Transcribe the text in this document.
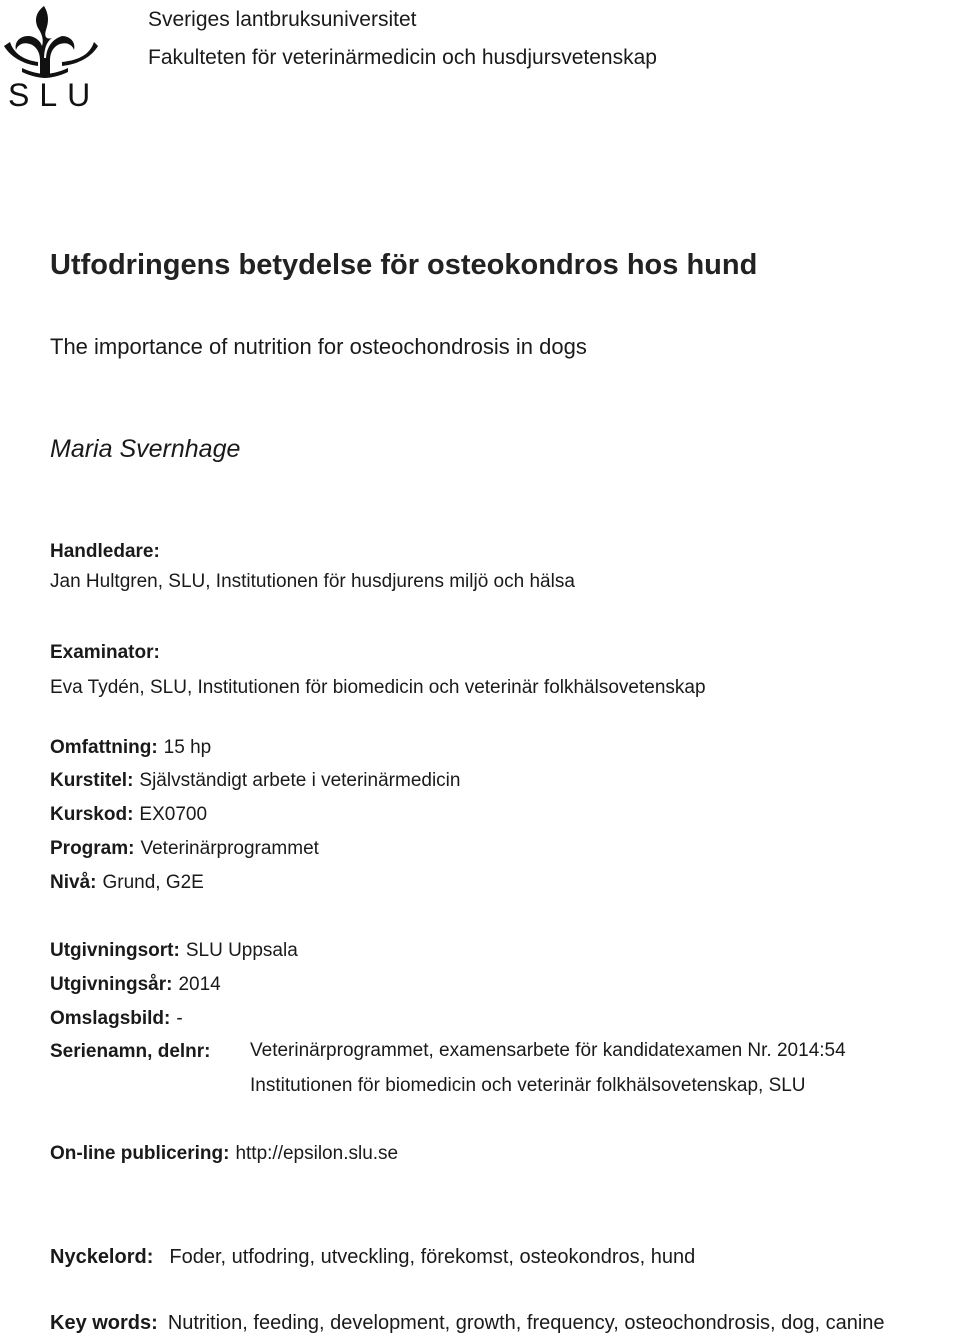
SLU
Sveriges lantbruksuniversitet
Fakulteten för veterinärmedicin och husdjursvetenskap
Utfodringens betydelse för osteokondros hos hund
The importance of nutrition for osteochondrosis in dogs
Maria Svernhage
Handledare:
Jan Hultgren, SLU, Institutionen för husdjurens miljö och hälsa
Examinator:
Eva Tydén, SLU, Institutionen för biomedicin och veterinär folkhälsovetenskap
Omfattning: 15 hp
Kurstitel: Självständigt arbete i veterinärmedicin
Kurskod: EX0700
Program: Veterinärprogrammet
Nivå: Grund, G2E
Utgivningsort: SLU Uppsala
Utgivningsår: 2014
Omslagsbild: -
Serienamn, delnr: Veterinärprogrammet, examensarbete för kandidatexamen Nr. 2014:54
Institutionen för biomedicin och veterinär folkhälsovetenskap, SLU
On-line publicering: http://epsilon.slu.se
Nyckelord: Foder, utfodring, utveckling, förekomst, osteokondros, hund
Key words: Nutrition, feeding, development, growth, frequency, osteochondrosis, dog, canine
